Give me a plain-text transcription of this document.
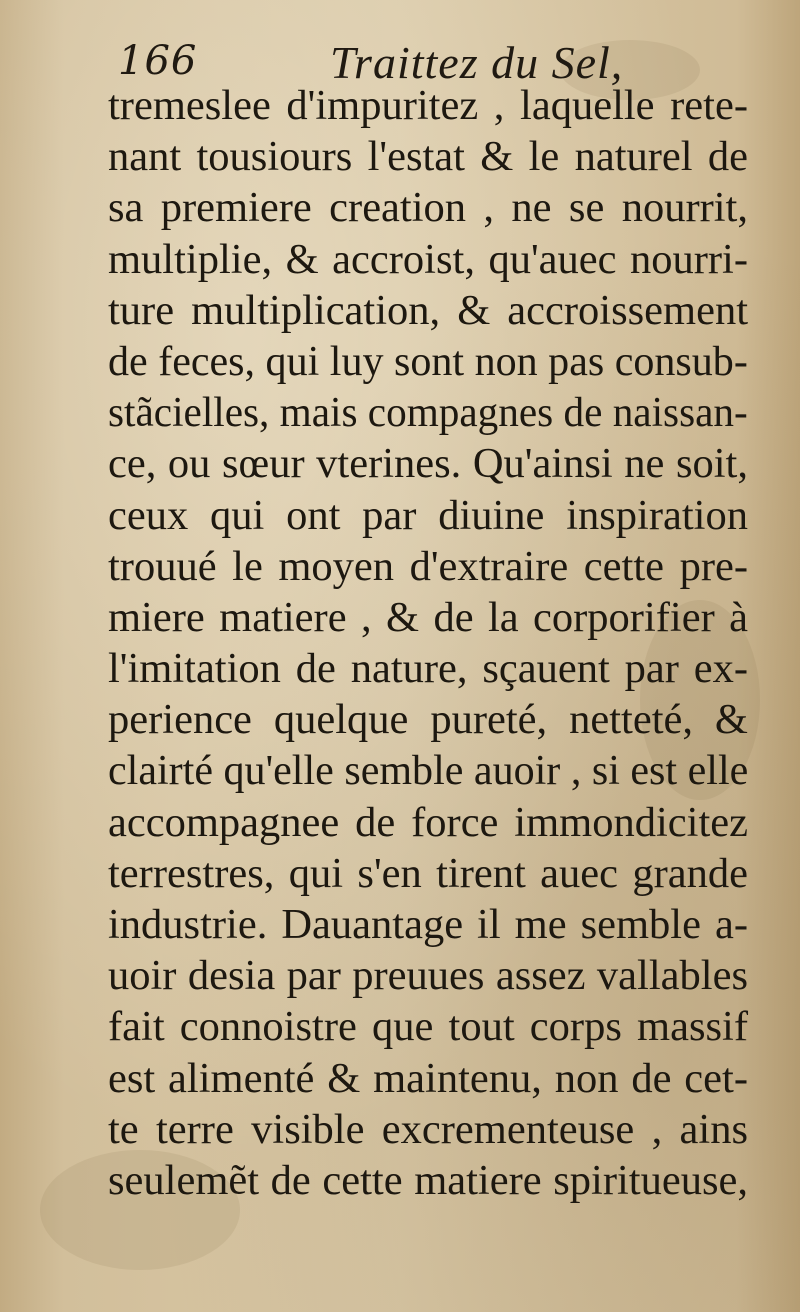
166	Traittez du Sel,
tremeslee d'impuritez , laquelle rete-
nant tousiours l'estat & le naturel de
sa premiere creation , ne se nourrit,
multiplie, & accroist, qu'auec nourri-
ture multiplication, & accroissement
de feces, qui luy sont non pas consub-
stãcielles, mais compagnes de naissan-
ce, ou sœur vterines. Qu'ainsi ne soit,
ceux qui ont par diuine inspiration
trouué le moyen d'extraire cette pre-
miere matiere , & de la corporifier à
l'imitation de nature, sçauent par ex-
perience quelque pureté, netteté, &
clairté qu'elle semble auoir , si est elle
accompagnee de force immondicitez
terrestres, qui s'en tirent auec grande
industrie. Dauantage il me semble a-
uoir desia par preuues assez vallables
fait connoistre que tout corps massif
est alimenté & maintenu, non de cet-
te terre visible excrementeuse , ains
seulemẽt de cette matiere spiritueuse,
